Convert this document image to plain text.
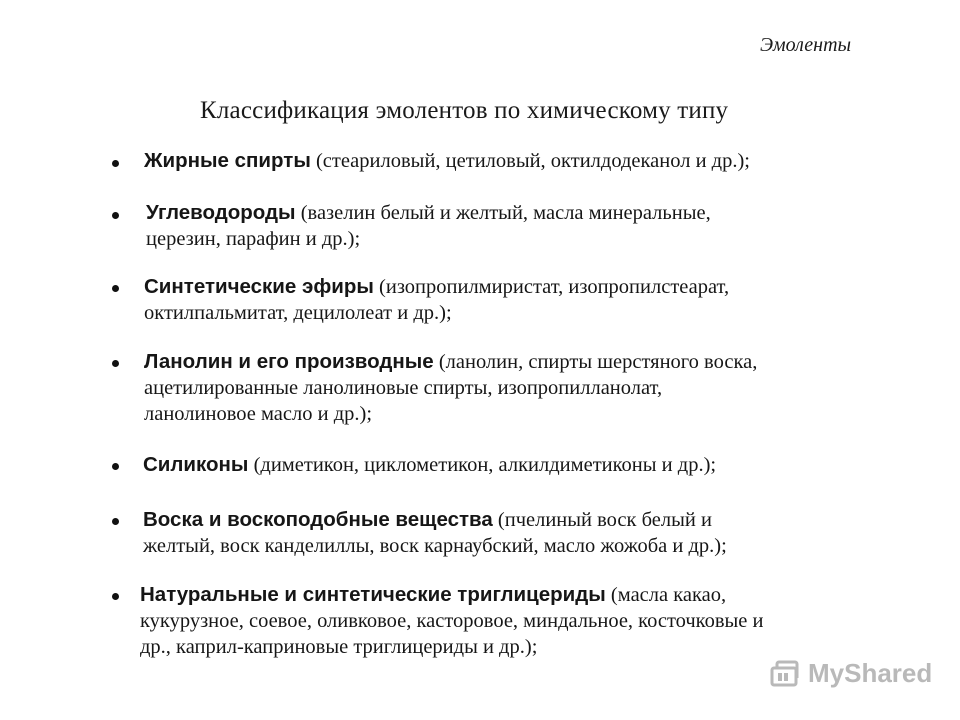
Эмоленты
Классификация эмолентов по химическому типу
Жирные спирты (стеариловый, цетиловый, октилдодеканол и др.);
Углеводороды (вазелин белый и желтый, масла минеральные,
церезин, парафин и др.);
Синтетические эфиры (изопропилмиристат, изопропилстеарат,
октилпальмитат, децилолеат и др.);
Ланолин и его производные (ланолин, спирты шерстяного воска,
ацетилированные ланолиновые спирты, изопропилланолат,
ланолиновое масло и др.);
Силиконы (диметикон, циклометикон, алкилдиметиконы и др.);
Воска и воскоподобные вещества (пчелиный воск белый и
желтый, воск канделиллы, воск карнаубский, масло жожоба и др.);
Натуральные и синтетические триглицериды (масла какао,
кукурузное, соевое, оливковое, касторовое, миндальное, косточковые и
др., каприл-каприновые триглицериды и др.);
MyShared
